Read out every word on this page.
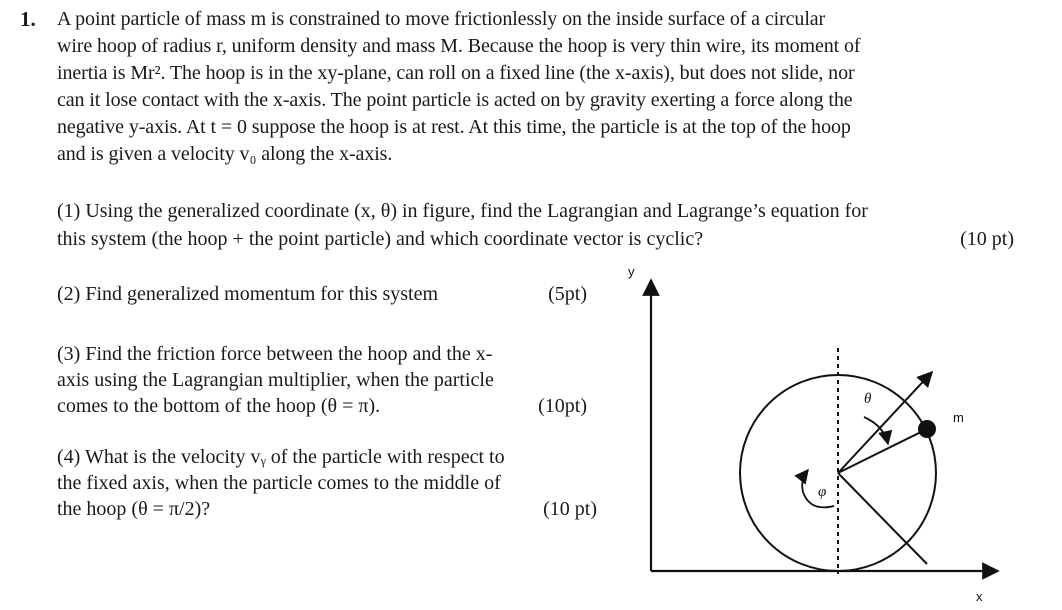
1. A point particle of mass m is constrained to move frictionlessly on the inside surface of a circular
wire hoop of radius r, uniform density and mass M. Because the hoop is very thin wire, its moment of
inertia is Mr². The hoop is in the xy-plane, can roll on a fixed line (the x-axis), but does not slide, nor
can it lose contact with the x-axis. The point particle is acted on by gravity exerting a force along the
negative y-axis. At t = 0 suppose the hoop is at rest. At this time, the particle is at the top of the hoop
and is given a velocity v₀ along the x-axis.
(1) Using the generalized coordinate (x, θ) in figure, find the Lagrangian and Lagrange’s equation for
this system (the hoop + the point particle) and which coordinate vector is cyclic?	(10 pt)
(2) Find generalized momentum for this system	(5pt)
(3) Find the friction force between the hoop and the x-
axis using the Lagrangian multiplier, when the particle
comes to the bottom of the hoop (θ = π).	(10pt)
(4) What is the velocity vᵧ of the particle with respect to
the fixed axis, when the particle comes to the middle of
the hoop (θ = π/2)?	(10 pt)
y
x
θ
φ
m
